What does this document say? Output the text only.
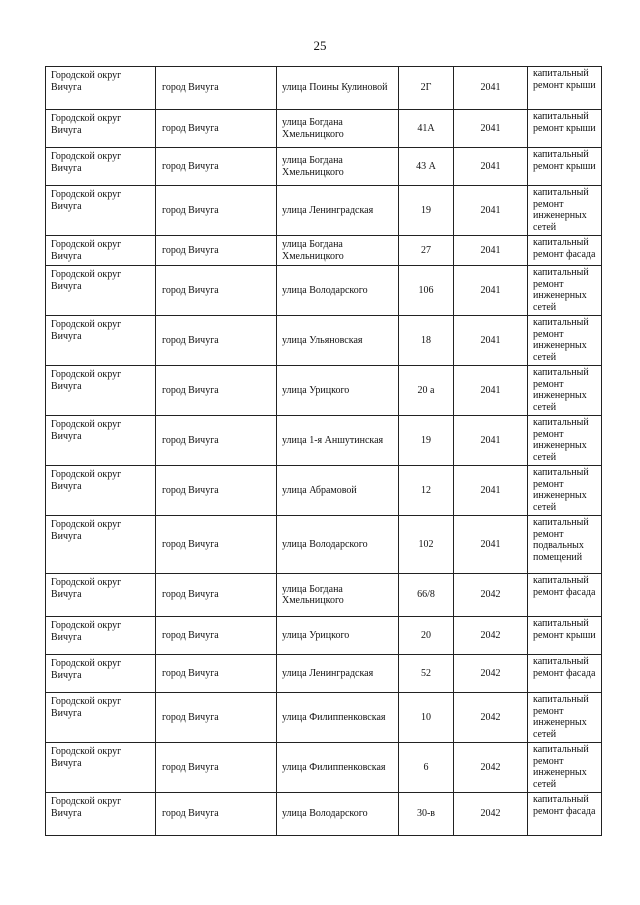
25
Городской округ Вичуга	город Вичуга	улица Поины Кулиновой	2Г	2041	капитальный ремонт крыши
Городской округ Вичуга	город Вичуга	улица Богдана Хмельницкого	41А	2041	капитальный ремонт крыши
Городской округ Вичуга	город Вичуга	улица Богдана Хмельницкого	43 А	2041	капитальный ремонт крыши
Городской округ Вичуга	город Вичуга	улица Ленинградская	19	2041	капитальный ремонт инженерных сетей
Городской округ Вичуга	город Вичуга	улица Богдана Хмельницкого	27	2041	капитальный ремонт фасада
Городской округ Вичуга	город Вичуга	улица Володарского	106	2041	капитальный ремонт инженерных сетей
Городской округ Вичуга	город Вичуга	улица Ульяновская	18	2041	капитальный ремонт инженерных сетей
Городской округ Вичуга	город Вичуга	улица Урицкого	20 а	2041	капитальный ремонт инженерных сетей
Городской округ Вичуга	город Вичуга	улица 1-я Аншутинская	19	2041	капитальный ремонт инженерных сетей
Городской округ Вичуга	город Вичуга	улица Абрамовой	12	2041	капитальный ремонт инженерных сетей
Городской округ Вичуга	город Вичуга	улица Володарского	102	2041	капитальный ремонт подвальных помещений
Городской округ Вичуга	город Вичуга	улица Богдана Хмельницкого	66/8	2042	капитальный ремонт фасада
Городской округ Вичуга	город Вичуга	улица Урицкого	20	2042	капитальный ремонт крыши
Городской округ Вичуга	город Вичуга	улица Ленинградская	52	2042	капитальный ремонт фасада
Городской округ Вичуга	город Вичуга	улица Филиппенковская	10	2042	капитальный ремонт инженерных сетей
Городской округ Вичуга	город Вичуга	улица Филиппенковская	6	2042	капитальный ремонт инженерных сетей
Городской округ Вичуга	город Вичуга	улица Володарского	30-в	2042	капитальный ремонт фасада
